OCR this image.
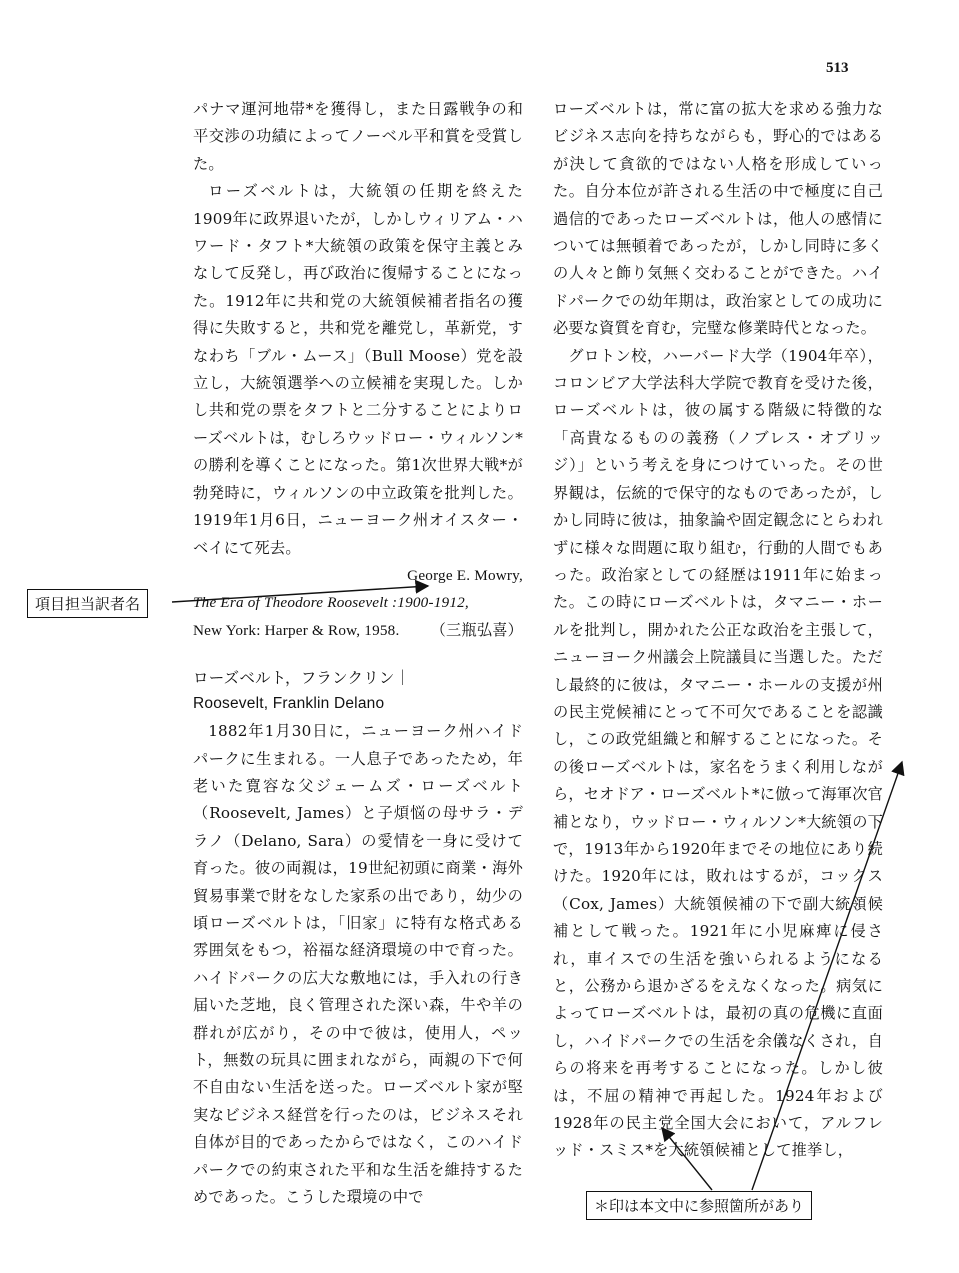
513

パナマ運河地帯*を獲得し，また日露戦争の和平交渉の功績によってノーベル平和賞を受賞した。

ローズベルトは，大統領の任期を終えた1909年に政界退いたが，しかしウィリアム・ハワード・タフト*大統領の政策を保守主義とみなして反発し，再び政治に復帰することになった。1912年に共和党の大統領候補者指名の獲得に失敗すると，共和党を離党し，革新党，すなわち「ブル・ムース」（Bull Moose）党を設立し，大統領選挙への立候補を実現した。しかし共和党の票をタフトと二分することによりローズベルトは，むしろウッドロー・ウィルソン*の勝利を導くことになった。第1次世界大戦*が勃発時に，ウィルソンの中立政策を批判した。1919年1月6日，ニューヨーク州オイスター・ベイにて死去。

George E. Mowry,
The Era of Theodore Roosevelt :1900-1912,
New York: Harper & Row, 1958. （三瓶弘喜）
ローズベルト，フランクリン｜
Roosevelt, Franklin Delano

1882年1月30日に，ニューヨーク州ハイドパークに生まれる。一人息子であったため，年老いた寛容な父ジェームズ・ローズベルト（Roosevelt, James）と子煩悩の母サラ・デラノ（Delano, Sara）の愛情を一身に受けて育った。彼の両親は，19世紀初頭に商業・海外貿易事業で財をなした家系の出であり，幼少の頃ローズベルトは，「旧家」に特有な格式ある雰囲気をもつ，裕福な経済環境の中で育った。ハイドパークの広大な敷地には，手入れの行き届いた芝地，良く管理された深い森，牛や羊の群れが広がり，その中で彼は，使用人，ペット，無数の玩具に囲まれながら，両親の下で何不自由ない生活を送った。ローズベルト家が堅実なビジネス経営を行ったのは，ビジネスそれ自体が目的であったからではなく，このハイドパークでの約束された平和な生活を維持するためであった。こうした環境の中で

ローズベルトは，常に富の拡大を求める強力なビジネス志向を持ちながらも，野心的ではあるが決して貪欲的ではない人格を形成していった。自分本位が許される生活の中で極度に自己過信的であったローズベルトは，他人の感情については無頓着であったが，しかし同時に多くの人々と飾り気無く交わることができた。ハイドパークでの幼年期は，政治家としての成功に必要な資質を育む，完璧な修業時代となった。

グロトン校，ハーバード大学（1904年卒），コロンビア大学法科大学院で教育を受けた後，ローズベルトは，彼の属する階級に特徴的な「高貴なるものの義務（ノブレス・オブリッジ）」という考えを身につけていった。その世界観は，伝統的で保守的なものであったが，しかし同時に彼は，抽象論や固定観念にとらわれずに様々な問題に取り組む，行動的人間でもあった。政治家としての経歴は1911年に始まった。この時にローズベルトは，タマニー・ホールを批判し，開かれた公正な政治を主張して，ニューヨーク州議会上院議員に当選した。ただし最終的に彼は，タマニー・ホールの支援が州の民主党候補にとって不可欠であることを認識し，この政党組織と和解することになった。その後ローズベルトは，家名をうまく利用しながら，セオドア・ローズベルト*に倣って海軍次官補となり，ウッドロー・ウィルソン*大統領の下で，1913年から1920年までその地位にあり続けた。1920年には，敗れはするが，コックス（Cox, James）大統領候補の下で副大統領候補として戦った。1921年に小児麻痺に侵され，車イスでの生活を強いられるようになると，公務から退かざるをえなくなった。病気によってローズベルトは，最初の真の危機に直面し，ハイドパークでの生活を余儀なくされ，自らの将来を再考することになった。しかし彼は，不屈の精神で再起した。1924年および1928年の民主党全国大会において，アルフレッド・スミス*を大統領候補として推挙し，

項目担当訳者名
＊印は本文中に参照箇所があり
